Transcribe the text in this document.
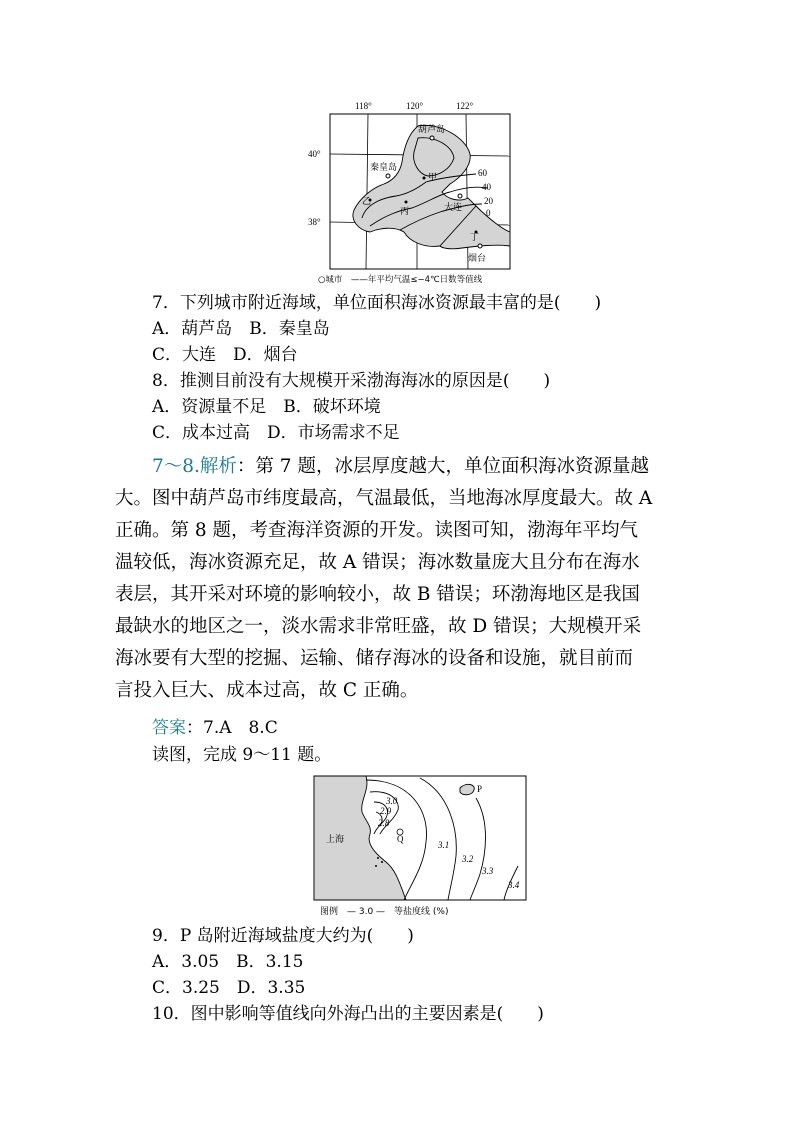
118°	120°	122°
40°
38°
葫芦岛
秦皇岛
甲
乙
丙	大连
丁
烟台
60
40
20
0
○城市　——年平均气温≤−4℃日数等值线
7．下列城市附近海域，单位面积海冰资源最丰富的是(　　)
A．葫芦岛　B．秦皇岛
C．大连　D．烟台
8．推测目前没有大规模开采渤海海冰的原因是(　　)
A．资源量不足　B．破坏环境
C．成本过高　D．市场需求不足
7～8.解析：第 7 题，冰层厚度越大，单位面积海冰资源量越
大。图中葫芦岛市纬度最高，气温最低，当地海冰厚度最大。故 A
正确。第 8 题，考查海洋资源的开发。读图可知，渤海年平均气
温较低，海冰资源充足，故 A 错误；海冰数量庞大且分布在海水
表层，其开采对环境的影响较小，故 B 错误；环渤海地区是我国
最缺水的地区之一，淡水需求非常旺盛，故 D 错误；大规模开采
海冰要有大型的挖掘、运输、储存海冰的设备和设施，就目前而
言投入巨大、成本过高，故 C 正确。
答案：7.A　8.C
读图，完成 9～11 题。
P
Q
上海
3.0
2.9
2.8
3.1
3.2
3.3
3.4
图例　— 3.0 —　等盐度线 (%)
9．P 岛附近海域盐度大约为(　　)
A．3.05　B．3.15
C．3.25　D．3.35
10．图中影响等值线向外海凸出的主要因素是(　　)
